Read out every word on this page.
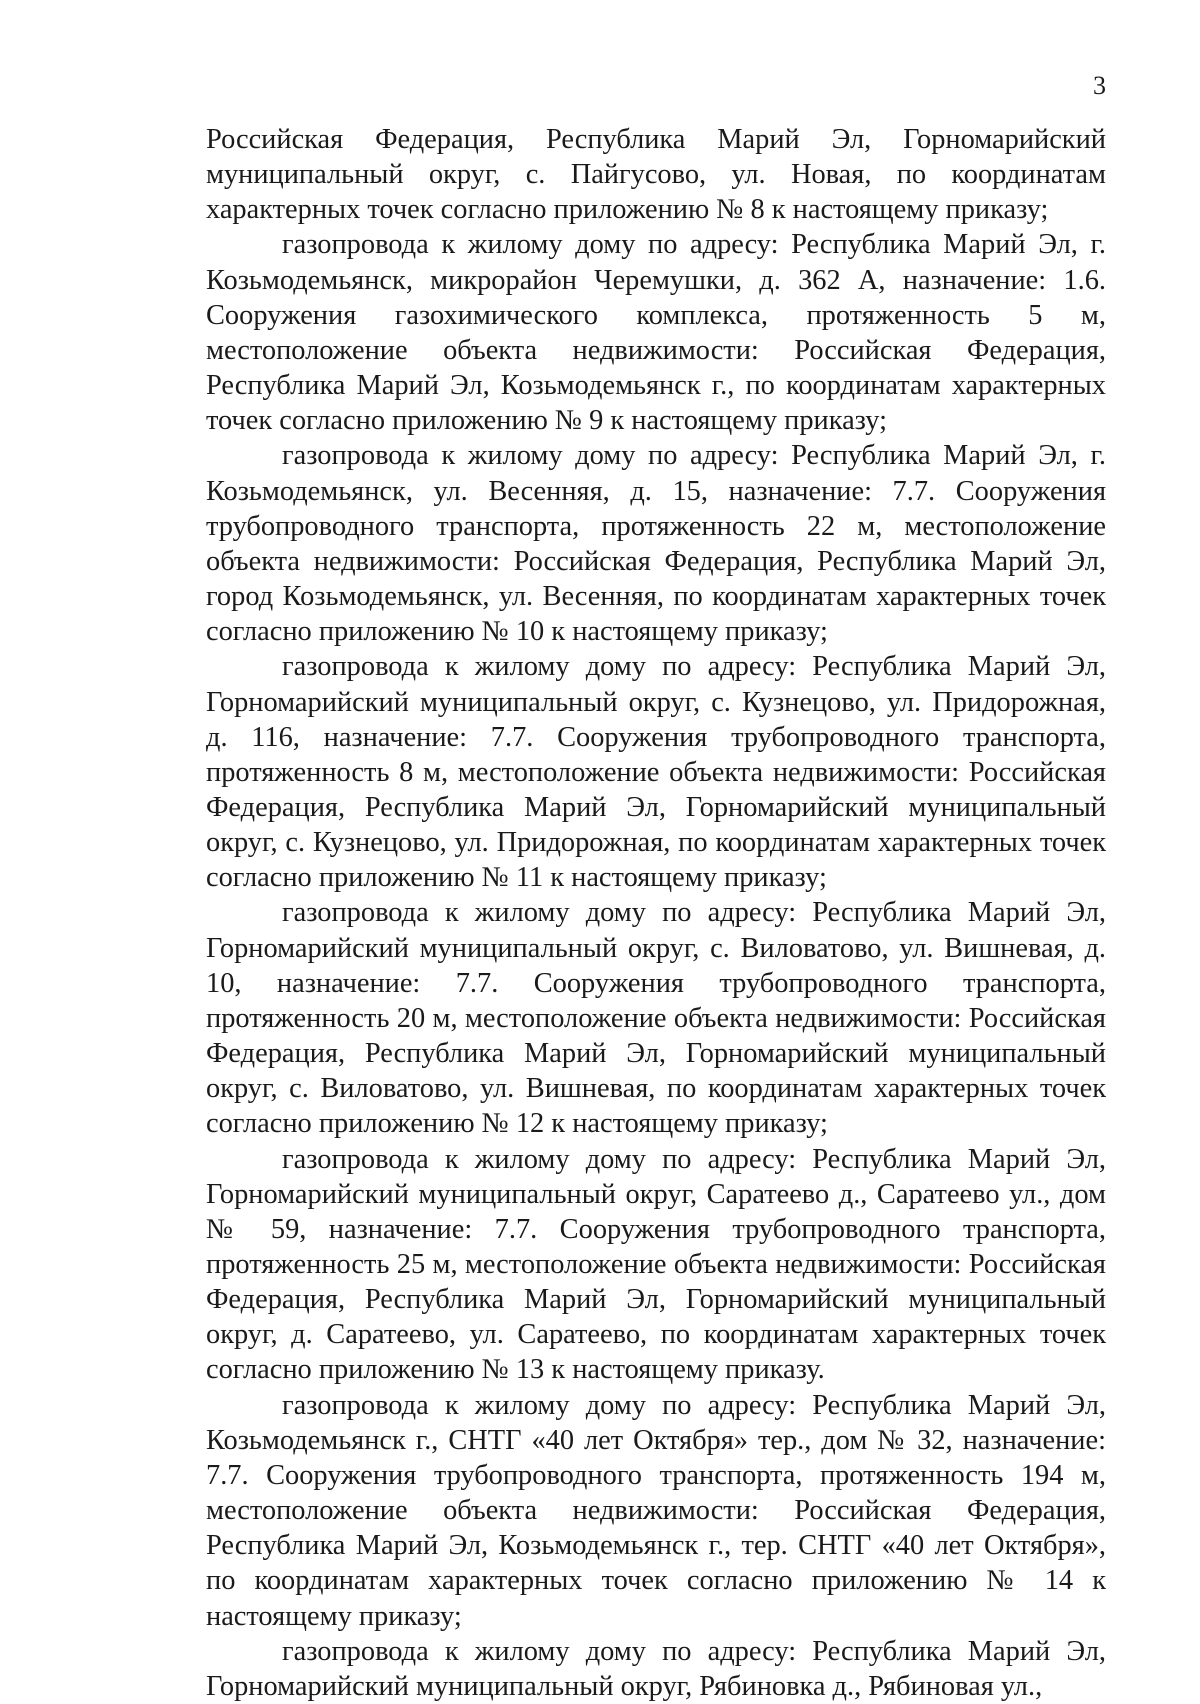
3

Российская Федерация, Республика Марий Эл, Горномарийский муниципальный округ, с. Пайгусово, ул. Новая, по координатам характерных точек согласно приложению № 8 к настоящему приказу;

газопровода к жилому дому по адресу: Республика Марий Эл, г. Козьмодемьянск, микрорайон Черемушки, д. 362 А, назначение: 1.6. Сооружения газохимического комплекса, протяженность 5 м, местоположение объекта недвижимости: Российская Федерация, Республика Марий Эл, Козьмодемьянск г., по координатам характерных точек согласно приложению № 9 к настоящему приказу;

газопровода к жилому дому по адресу: Республика Марий Эл, г. Козьмодемьянск, ул. Весенняя, д. 15, назначение: 7.7. Сооружения трубопроводного транспорта, протяженность 22 м, местоположение объекта недвижимости: Российская Федерация, Республика Марий Эл, город Козьмодемьянск, ул. Весенняя, по координатам характерных точек согласно приложению № 10 к настоящему приказу;

газопровода к жилому дому по адресу: Республика Марий Эл, Горномарийский муниципальный округ, с. Кузнецово, ул. Придорожная, д. 116, назначение: 7.7. Сооружения трубопроводного транспорта, протяженность 8 м, местоположение объекта недвижимости: Российская Федерация, Республика Марий Эл, Горномарийский муниципальный округ, с. Кузнецово, ул. Придорожная, по координатам характерных точек согласно приложению № 11 к настоящему приказу;

газопровода к жилому дому по адресу: Республика Марий Эл, Горномарийский муниципальный округ, с. Виловатово, ул. Вишневая, д. 10, назначение: 7.7. Сооружения трубопроводного транспорта, протяженность 20 м, местоположение объекта недвижимости: Российская Федерация, Республика Марий Эл, Горномарийский муниципальный округ, с. Виловатово, ул. Вишневая, по координатам характерных точек согласно приложению № 12 к настоящему приказу;

газопровода к жилому дому по адресу: Республика Марий Эл, Горномарийский муниципальный округ, Саратеево д., Саратеево ул., дом № 59, назначение: 7.7. Сооружения трубопроводного транспорта, протяженность 25 м, местоположение объекта недвижимости: Российская Федерация, Республика Марий Эл, Горномарийский муниципальный округ, д. Саратеево, ул. Саратеево, по координатам характерных точек согласно приложению № 13 к настоящему приказу.

газопровода к жилому дому по адресу: Республика Марий Эл, Козьмодемьянск г., СНТГ «40 лет Октября» тер., дом № 32, назначение: 7.7. Сооружения трубопроводного транспорта, протяженность 194 м, местоположение объекта недвижимости: Российская Федерация, Республика Марий Эл, Козьмодемьянск г., тер. СНТГ «40 лет Октября», по координатам характерных точек согласно приложению № 14 к настоящему приказу;

газопровода к жилому дому по адресу: Республика Марий Эл, Горномарийский муниципальный округ, Рябиновка д., Рябиновая ул.,
